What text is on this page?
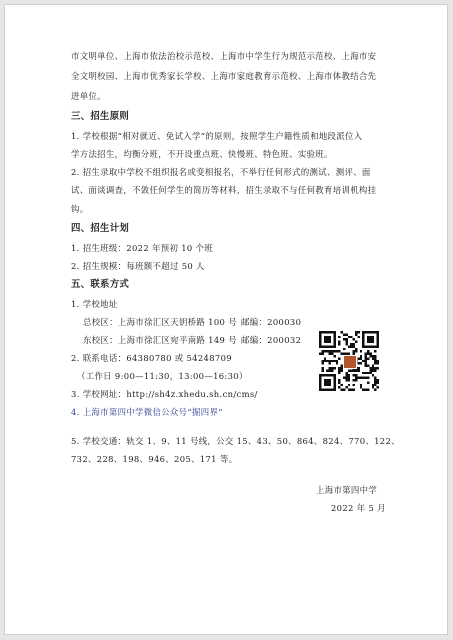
市文明单位、上海市依法治校示范校、上海市中学生行为规范示范校、上海市安
全文明校园、上海市优秀家长学校、上海市家庭教育示范校、上海市体教结合先
进单位。
三、招生原则
1. 学校根据“相对就近、免试入学”的原则，按照学生户籍性质和地段派位入
学方法招生，均衡分班，不开设重点班、快慢班、特色班、实验班。
2. 招生录取中学校不组织报名或变相报名，不举行任何形式的测试、测评、面
试、面谈调查，不敛任何学生的简历等材料，招生录取不与任何教育培训机构挂
钩。
四、招生计划
1. 招生班级：2022 年预初 10 个班
2. 招生规模：每班额不超过 50 人
五、联系方式
1. 学校地址
总校区：上海市徐汇区天钥桥路 100 号 邮编：200030
东校区：上海市徐汇区宛平南路 149 号 邮编：200032
2. 联系电话：64380780 或 54248709
（工作日 9:00—11:30，13:00—16:30）
3. 学校网址：http://sh4z.xhedu.sh.cn/cms/
4. 上海市第四中学微信公众号“掘四界”
5. 学校交通：轨交 1、9、11 号线，公交 15、43、50、864、824、770、122、
732、228、198、946、205、171 等。
上海市第四中学
2022 年 5 月
